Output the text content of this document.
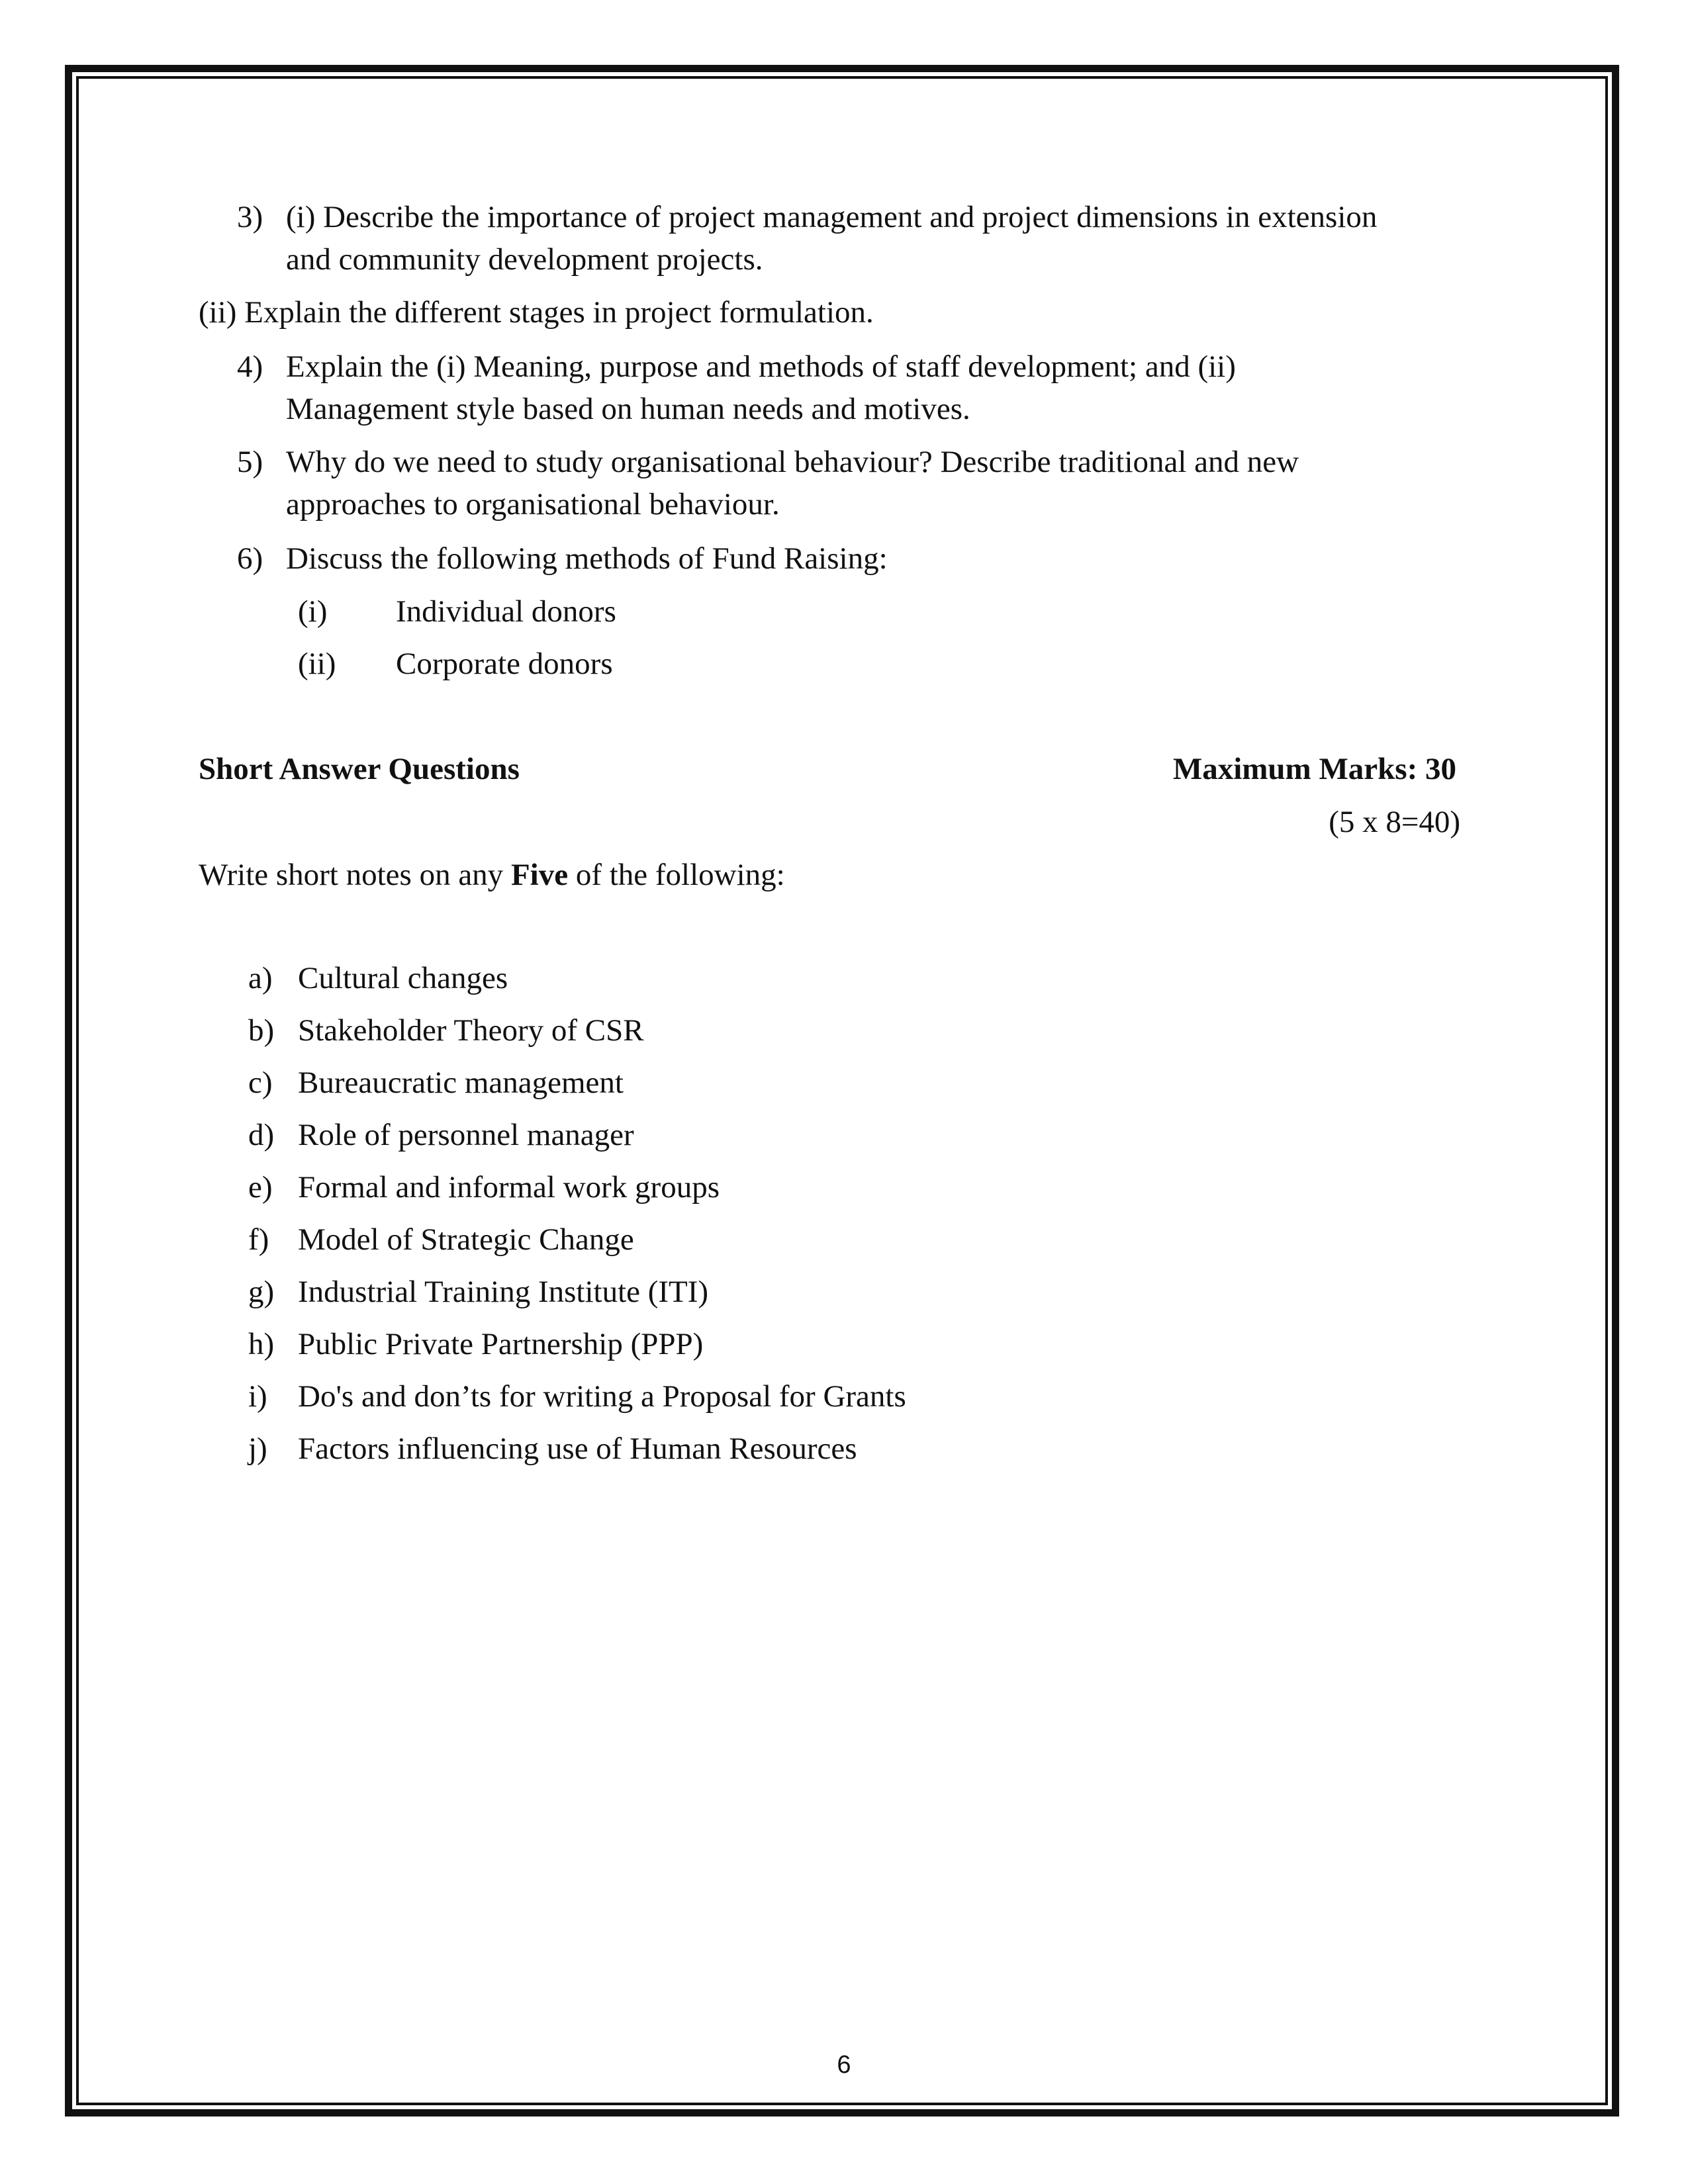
3) (i) Describe the importance of project management and project dimensions in extension
and community development projects.
(ii) Explain the different stages in project formulation.
4) Explain the (i) Meaning, purpose and methods of staff development; and (ii)
Management style based on human needs and motives.
5) Why do we need to study organisational behaviour? Describe traditional and new
approaches to organisational behaviour.
6) Discuss the following methods of Fund Raising:
(i) Individual donors
(ii) Corporate donors
Short Answer Questions	Maximum Marks: 30
(5 x 8=40)
Write short notes on any Five of the following:
a) Cultural changes
b) Stakeholder Theory of CSR
c) Bureaucratic management
d) Role of personnel manager
e) Formal and informal work groups
f) Model of Strategic Change
g) Industrial Training Institute (ITI)
h) Public Private Partnership (PPP)
i) Do's and don’ts for writing a Proposal for Grants
j) Factors influencing use of Human Resources
6
